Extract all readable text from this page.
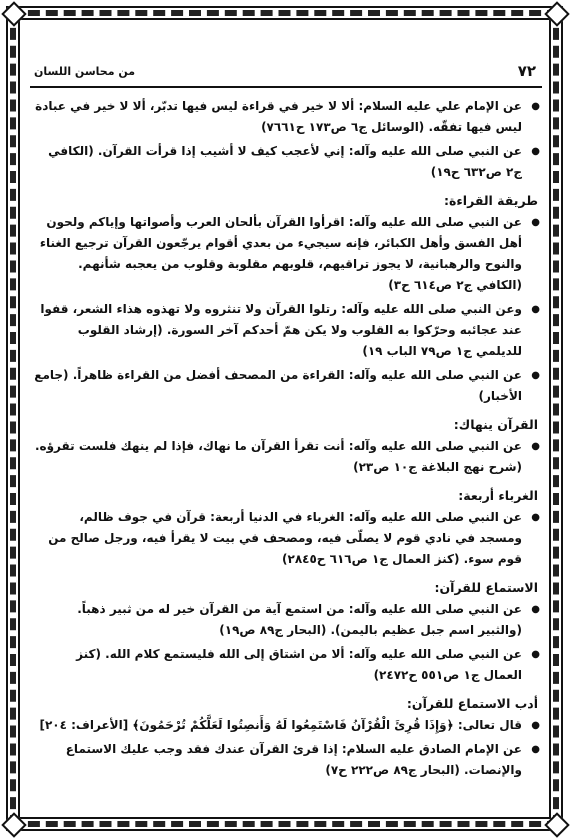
٧٢
من محاسن اللسان
● عن الإمام علي عليه السلام: ألا لا خير في قراءة ليس فيها تدبّر، ألا لا خير في عبادة ليس فيها تفقّه. (الوسائل ج٦ ص١٧٣ ح٧٦٦١)
● عن النبي صلى الله عليه وآله: إني لأعجب كيف لا أشيب إذا قرأت القرآن. (الكافي ج٢ ص٦٣٢ ح١٩)
طريقة القراءة:
● عن النبي صلى الله عليه وآله: اقرأوا القرآن بألحان العرب وأصواتها وإياكم ولحون أهل الفسق وأهل الكبائر، فإنه سيجيء من بعدي أقوام يرجّعون القرآن ترجيع الغناء والنوح والرهبانية، لا يجوز تراقيهم، قلوبهم مقلوبة وقلوب من يعجبه شأنهم. (الكافي ج٢ ص٦١٤ ح٣)
● وعن النبي صلى الله عليه وآله: رتلوا القرآن ولا تنثروه ولا تهذوه هذاء الشعر، قفوا عند عجائبه وحرّكوا به القلوب ولا يكن همّ أحدكم آخر السورة. (إرشاد القلوب للديلمي ج١ ص٧٩ الباب ١٩)
● عن النبي صلى الله عليه وآله: القراءة من المصحف أفضل من القراءة ظاهراً. (جامع الأخبار)
القرآن ينهاك:
● عن النبي صلى الله عليه وآله: أنت تقرأ القرآن ما نهاك، فإذا لم ينهك فلست تقرؤه. (شرح نهج البلاغة ج١٠ ص٢٣)
الغرباء أربعة:
● عن النبي صلى الله عليه وآله: الغرباء في الدنيا أربعة: قرآن في جوف ظالم، ومسجد في نادي قوم لا يصلّى فيه، ومصحف في بيت لا يقرأ فيه، ورجل صالح من قوم سوء. (كنز العمال ج١ ص٦١٦ ح٢٨٤٥)
الاستماع للقرآن:
● عن النبي صلى الله عليه وآله: من استمع آية من القرآن خير له من ثبير ذهباً. (والثبير اسم جبل عظيم باليمن). (البحار ج٨٩ ص١٩)
● عن النبي صلى الله عليه وآله: ألا من اشتاق إلى الله فليستمع كلام الله. (كنز العمال ج١ ص٥٥١ ح٢٤٧٢)
أدب الاستماع للقرآن:
● قال تعالى: ﴿وَإِذَا قُرِئَ الْقُرْآنُ فَاسْتَمِعُوا لَهُ وَأَنصِتُوا لَعَلَّكُمْ تُرْحَمُونَ﴾ [الأعراف: ٢٠٤]
● عن الإمام الصادق عليه السلام: إذا قرئ القرآن عندك فقد وجب عليك الاستماع والإنصات. (البحار ج٨٩ ص٢٢٢ ح٧)
